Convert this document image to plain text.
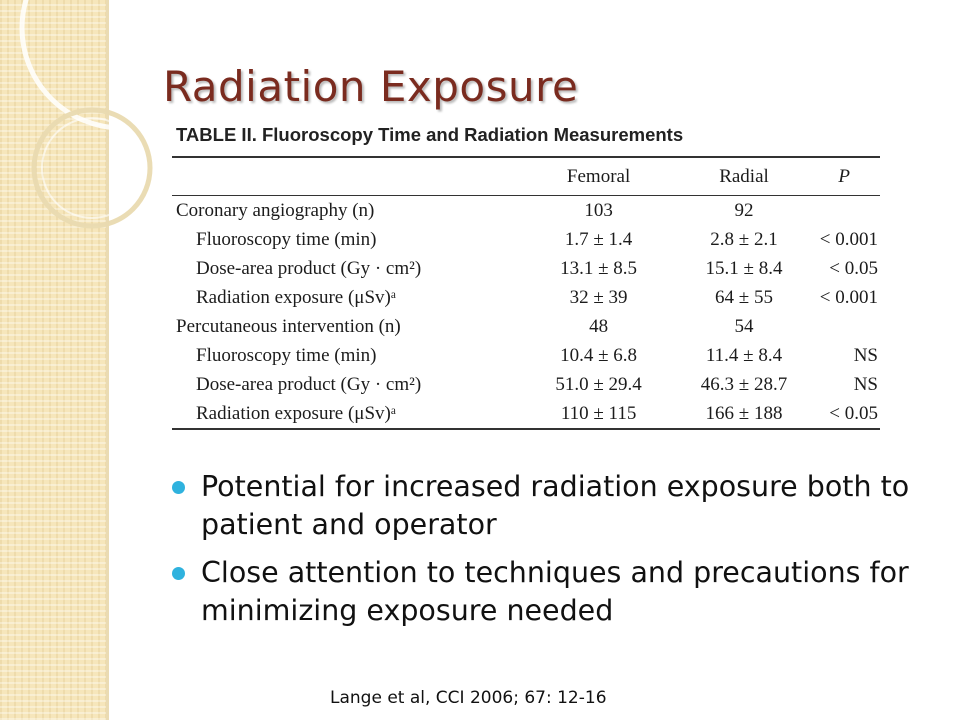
Radiation Exposure
TABLE II. Fluoroscopy Time and Radiation Measurements
	Femoral	Radial	P
Coronary angiography (n)	103	92	
Fluoroscopy time (min)	1.7 ± 1.4	2.8 ± 2.1	< 0.001
Dose-area product (Gy · cm²)	13.1 ± 8.5	15.1 ± 8.4	< 0.05
Radiation exposure (μSv)ᵃ	32 ± 39	64 ± 55	< 0.001
Percutaneous intervention (n)	48	54	
Fluoroscopy time (min)	10.4 ± 6.8	11.4 ± 8.4	NS
Dose-area product (Gy · cm²)	51.0 ± 29.4	46.3 ± 28.7	NS
Radiation exposure (μSv)ᵃ	110 ± 115	166 ± 188	< 0.05
Potential for increased radiation exposure both to patient and operator
Close attention to techniques and precautions for minimizing exposure needed
Lange et al, CCI 2006; 67: 12-16
